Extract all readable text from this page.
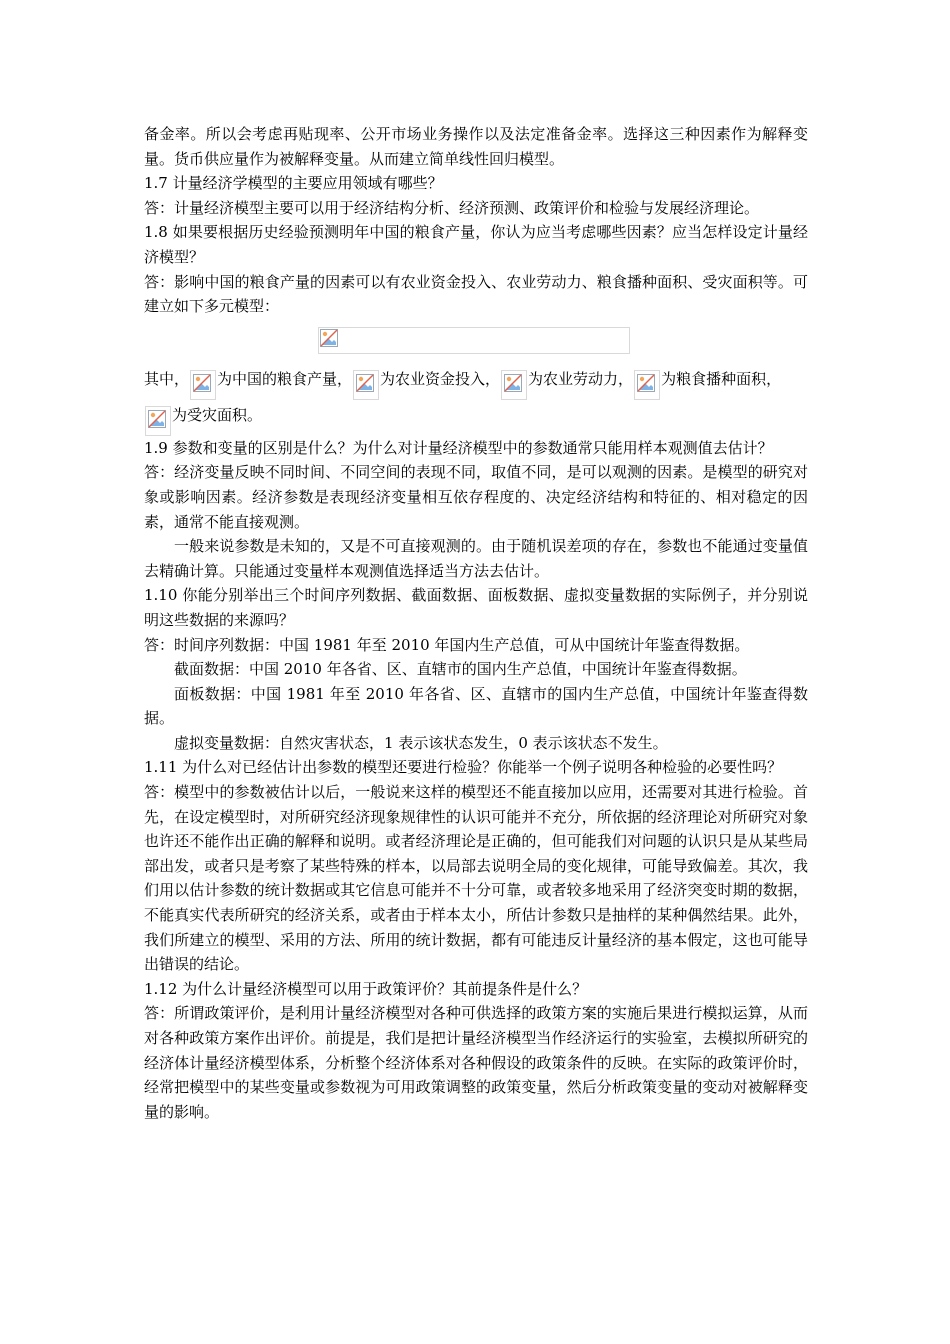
备金率。所以会考虑再贴现率、公开市场业务操作以及法定准备金率。选择这三种因素作为解释变量。货币供应量作为被解释变量。从而建立简单线性回归模型。

1.7 计量经济学模型的主要应用领域有哪些？

答：计量经济模型主要可以用于经济结构分析、经济预测、政策评价和检验与发展经济理论。

1.8 如果要根据历史经验预测明年中国的粮食产量，你认为应当考虑哪些因素？应当怎样设定计量经济模型？

答：影响中国的粮食产量的因素可以有农业资金投入、农业劳动力、粮食播种面积、受灾面积等。可建立如下多元模型：

其中， 为中国的粮食产量， 为农业资金投入， 为农业劳动力， 为粮食播种面积，

为受灾面积。

1.9 参数和变量的区别是什么？为什么对计量经济模型中的参数通常只能用样本观测值去估计？

答：经济变量反映不同时间、不同空间的表现不同，取值不同，是可以观测的因素。是模型的研究对象或影响因素。经济参数是表现经济变量相互依存程度的、决定经济结构和特征的、相对稳定的因素，通常不能直接观测。

一般来说参数是未知的，又是不可直接观测的。由于随机误差项的存在，参数也不能通过变量值去精确计算。只能通过变量样本观测值选择适当方法去估计。

1.10 你能分别举出三个时间序列数据、截面数据、面板数据、虚拟变量数据的实际例子，并分别说明这些数据的来源吗？

答：时间序列数据：中国 1981 年至 2010 年国内生产总值，可从中国统计年鉴查得数据。

截面数据：中国 2010 年各省、区、直辖市的国内生产总值，中国统计年鉴查得数据。

面板数据：中国 1981 年至 2010 年各省、区、直辖市的国内生产总值，中国统计年鉴查得数据。

虚拟变量数据：自然灾害状态，1 表示该状态发生，0 表示该状态不发生。

1.11 为什么对已经估计出参数的模型还要进行检验？你能举一个例子说明各种检验的必要性吗？

答：模型中的参数被估计以后，一般说来这样的模型还不能直接加以应用，还需要对其进行检验。首先，在设定模型时，对所研究经济现象规律性的认识可能并不充分，所依据的经济理论对所研究对象也许还不能作出正确的解释和说明。或者经济理论是正确的，但可能我们对问题的认识只是从某些局部出发，或者只是考察了某些特殊的样本，以局部去说明全局的变化规律，可能导致偏差。其次，我们用以估计参数的统计数据或其它信息可能并不十分可靠，或者较多地采用了经济突变时期的数据，不能真实代表所研究的经济关系，或者由于样本太小，所估计参数只是抽样的某种偶然结果。此外，我们所建立的模型、采用的方法、所用的统计数据，都有可能违反计量经济的基本假定，这也可能导出错误的结论。

1.12 为什么计量经济模型可以用于政策评价？其前提条件是什么？

答：所谓政策评价，是利用计量经济模型对各种可供选择的政策方案的实施后果进行模拟运算，从而对各种政策方案作出评价。前提是，我们是把计量经济模型当作经济运行的实验室，去模拟所研究的经济体计量经济模型体系，分析整个经济体系对各种假设的政策条件的反映。在实际的政策评价时，经常把模型中的某些变量或参数视为可用政策调整的政策变量，然后分析政策变量的变动对被解释变量的影响。
